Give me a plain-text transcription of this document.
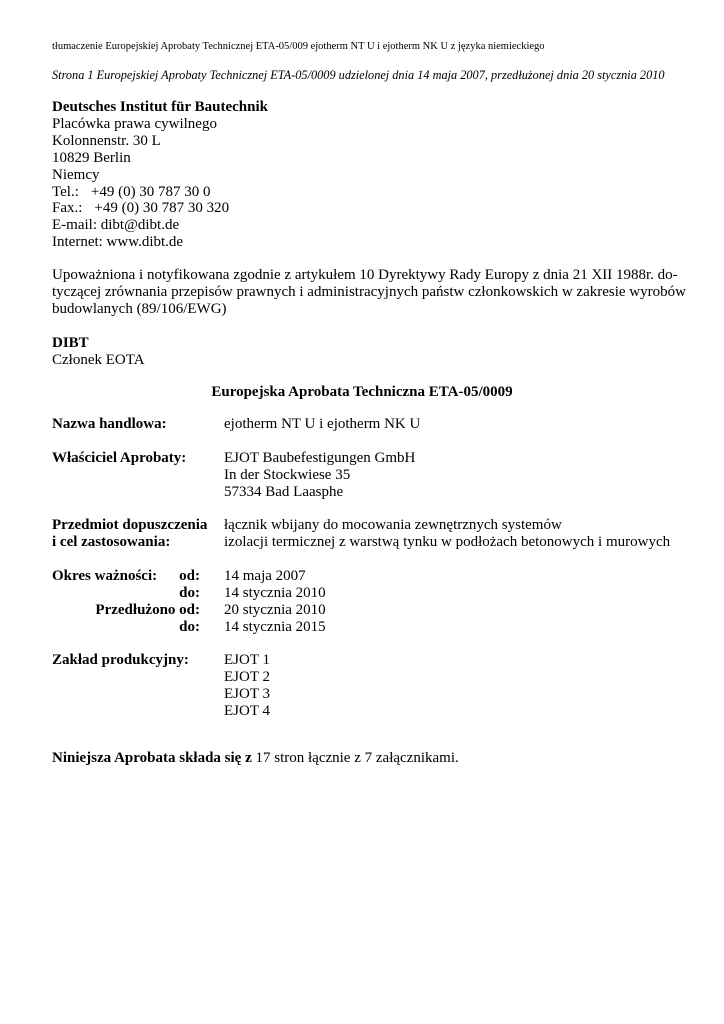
tłumaczenie Europejskiej Aprobaty Technicznej ETA-05/009 ejotherm NT U i ejotherm NK U z języka niemieckiego
Strona 1 Europejskiej Aprobaty Technicznej ETA-05/0009 udzielonej dnia 14 maja 2007, przedłużonej dnia 20 stycznia 2010
Deutsches Institut für Bautechnik
Placówka prawa cywilnego
Kolonnenstr. 30 L
10829 Berlin
Niemcy
Tel.: +49 (0) 30 787 30 0
Fax.: +49 (0) 30 787 30 320
E-mail: dibt@dibt.de
Internet: www.dibt.de
Upoważniona i notyfikowana zgodnie z artykułem 10 Dyrektywy Rady Europy z dnia 21 XII 1988r. do-
tyczącej zrównania przepisów prawnych i administracyjnych państw członkowskich w zakresie wyrobów
budowlanych (89/106/EWG)
DIBT
Członek EOTA
Europejska Aprobata Techniczna ETA-05/0009
Nazwa handlowa:	ejotherm NT U i ejotherm NK U
Właściciel Aprobaty:	EJOT Baubefestigungen GmbH
In der Stockwiese 35
57334 Bad Laasphe
Przedmiot dopuszczenia
i cel zastosowania:
łącznik wbijany do mocowania zewnętrznych systemów
izolacji termicznej z warstwą tynku w podłożach betonowych i murowych
Okres ważności:	od: 14 maja 2007
do: 14 stycznia 2010
Przedłużono od: 20 stycznia 2010
do: 14 stycznia 2015
Zakład produkcyjny: EJOT 1
EJOT 2
EJOT 3
EJOT 4
Niniejsza Aprobata składa się z 17 stron łącznie z 7 załącznikami.
